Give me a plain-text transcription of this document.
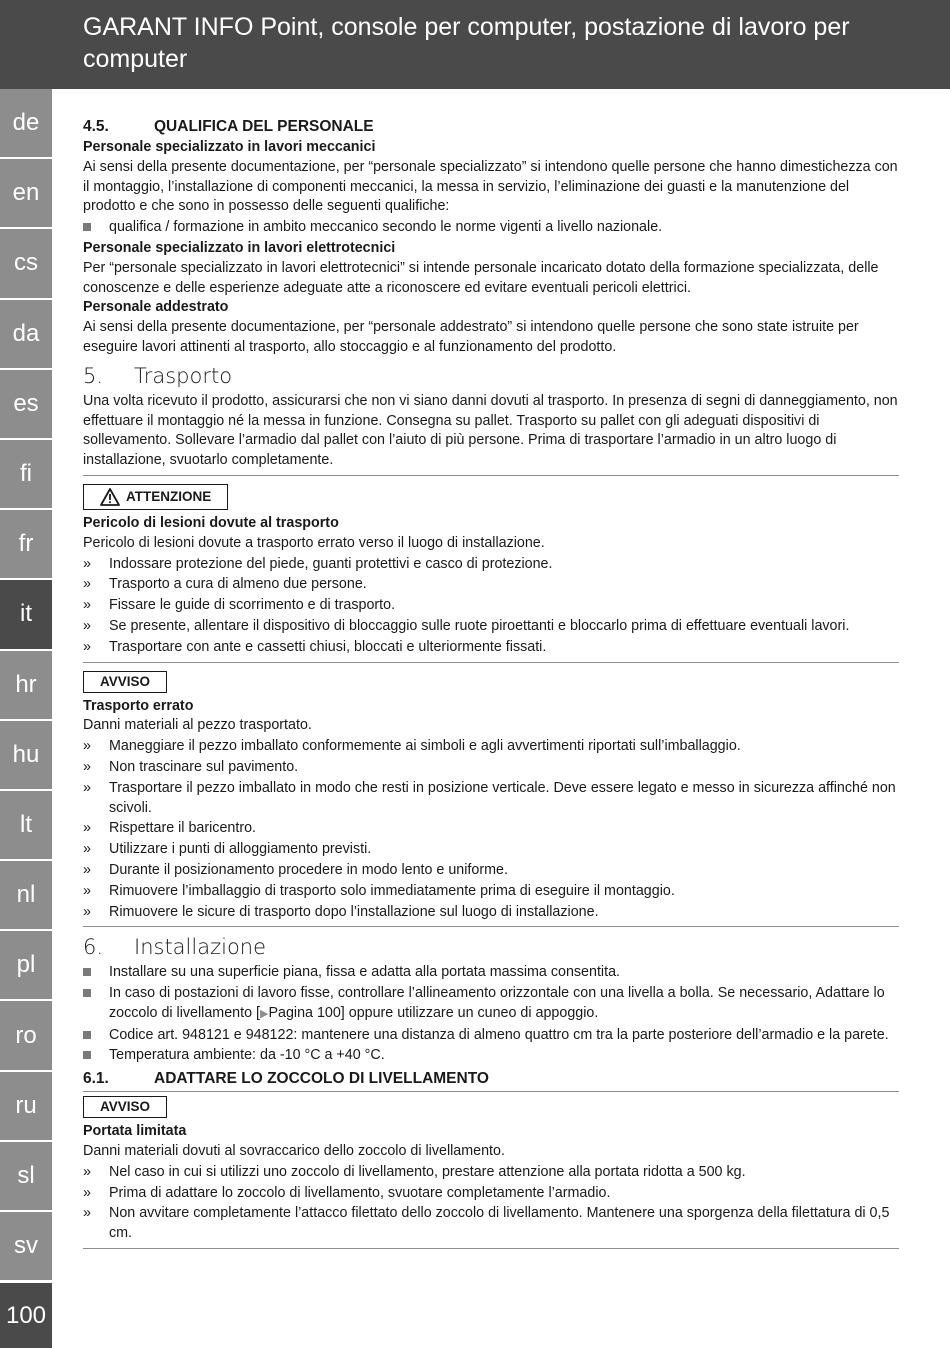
GARANT INFO Point, console per computer, postazione di lavoro per computer
de
en
cs
da
es
fi
fr
it
hr
hu
lt
nl
pl
ro
ru
sl
sv
100
4.5.	QUALIFICA DEL PERSONALE

Personale specializzato in lavori meccanici

Ai sensi della presente documentazione, per “personale specializzato” si intendono quelle persone che hanno dimestichezza con il montaggio, l’installazione di componenti meccanici, la messa in servizio, l’eliminazione dei guasti e la manutenzione del prodotto e che sono in possesso delle seguenti qualifiche:

qualifica / formazione in ambito meccanico secondo le norme vigenti a livello nazionale.

Personale specializzato in lavori elettrotecnici

Per “personale specializzato in lavori elettrotecnici” si intende personale incaricato dotato della formazione specializzata, delle conoscenze e delle esperienze adeguate atte a riconoscere ed evitare eventuali pericoli elettrici.

Personale addestrato

Ai sensi della presente documentazione, per “personale addestrato” si intendono quelle persone che sono state istruite per eseguire lavori attinenti al trasporto, allo stoccaggio e al funzionamento del prodotto.

5.	Trasporto

Una volta ricevuto il prodotto, assicurarsi che non vi siano danni dovuti al trasporto. In presenza di segni di danneggiamento, non effettuare il montaggio né la messa in funzione. Consegna su pallet. Trasporto su pallet con gli adeguati dispositivi di sollevamento. Sollevare l’armadio dal pallet con l’aiuto di più persone. Prima di trasportare l’armadio in un altro luogo di installazione, svuotarlo completamente.

ATTENZIONE

Pericolo di lesioni dovute al trasporto

Pericolo di lesioni dovute a trasporto errato verso il luogo di installazione.

»	Indossare protezione del piede, guanti protettivi e casco di protezione.
»	Trasporto a cura di almeno due persone.
»	Fissare le guide di scorrimento e di trasporto.
»	Se presente, allentare il dispositivo di bloccaggio sulle ruote piroettanti e bloccarlo prima di effettuare eventuali lavori.
»	Trasportare con ante e cassetti chiusi, bloccati e ulteriormente fissati.
AVVISO

Trasporto errato

Danni materiali al pezzo trasportato.

»	Maneggiare il pezzo imballato conformemente ai simboli e agli avvertimenti riportati sull’imballaggio.
»	Non trascinare sul pavimento.
»	Trasportare il pezzo imballato in modo che resti in posizione verticale. Deve essere legato e messo in sicurezza affinché non scivoli.
»	Rispettare il baricentro.
»	Utilizzare i punti di alloggiamento previsti.
»	Durante il posizionamento procedere in modo lento e uniforme.
»	Rimuovere l’imballaggio di trasporto solo immediatamente prima di eseguire il montaggio.
»	Rimuovere le sicure di trasporto dopo l’installazione sul luogo di installazione.
6.	Installazione
Installare su una superficie piana, fissa e adatta alla portata massima consentita.
In caso di postazioni di lavoro fisse, controllare l’allineamento orizzontale con una livella a bolla. Se necessario, Adattare lo zoccolo di livellamento [▶Pagina 100] oppure utilizzare un cuneo di appoggio.
Codice art. 948121 e 948122: mantenere una distanza di almeno quattro cm tra la parte posteriore dell’armadio e la parete.
Temperatura ambiente: da -10 °C a +40 °C.
6.1.	ADATTARE LO ZOCCOLO DI LIVELLAMENTO
AVVISO

Portata limitata

Danni materiali dovuti al sovraccarico dello zoccolo di livellamento.

»	Nel caso in cui si utilizzi uno zoccolo di livellamento, prestare attenzione alla portata ridotta a 500 kg.
»	Prima di adattare lo zoccolo di livellamento, svuotare completamente l’armadio.
»	Non avvitare completamente l’attacco filettato dello zoccolo di livellamento. Mantenere una sporgenza della filettatura di 0,5 cm.
